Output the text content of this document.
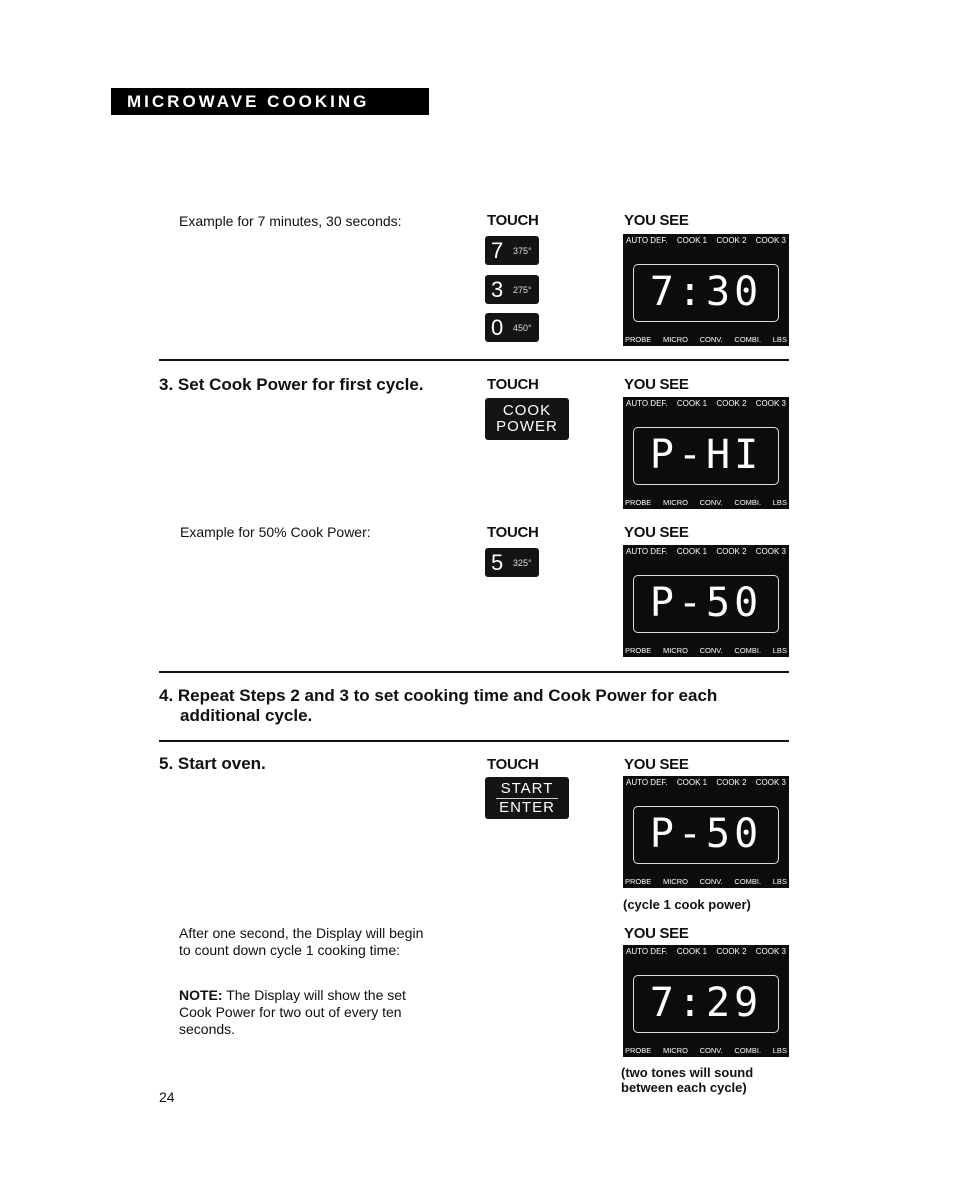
MICROWAVE COOKING
Example for 7 minutes, 30 seconds:	TOUCH	YOU SEE
7	375°
3	275°
0	450°
AUTO DEF. COOK 1 COOK 2 COOK 3
7:30
PROBE MICRO CONV. COMBI. LBS
3. Set Cook Power for first cycle.	TOUCH	YOU SEE
COOK
POWER
AUTO DEF. COOK 1 COOK 2 COOK 3
P-HI
PROBE MICRO CONV. COMBI. LBS
Example for 50% Cook Power:	TOUCH	YOU SEE
5	325°
AUTO DEF. COOK 1 COOK 2 COOK 3
P-50
PROBE MICRO CONV. COMBI. LBS
4. Repeat Steps 2 and 3 to set cooking time and Cook Power for each
additional cycle.
5. Start oven.	TOUCH	YOU SEE
START
ENTER
AUTO DEF. COOK 1 COOK 2 COOK 3
P-50
PROBE MICRO CONV. COMBI. LBS
(cycle 1 cook power)
After one second, the Display will begin
to count down cycle 1 cooking time:
NOTE: The Display will show the set
Cook Power for two out of every ten
seconds.
YOU SEE
AUTO DEF. COOK 1 COOK 2 COOK 3
7:29
PROBE MICRO CONV. COMBI. LBS
(two tones will sound
between each cycle)
24
